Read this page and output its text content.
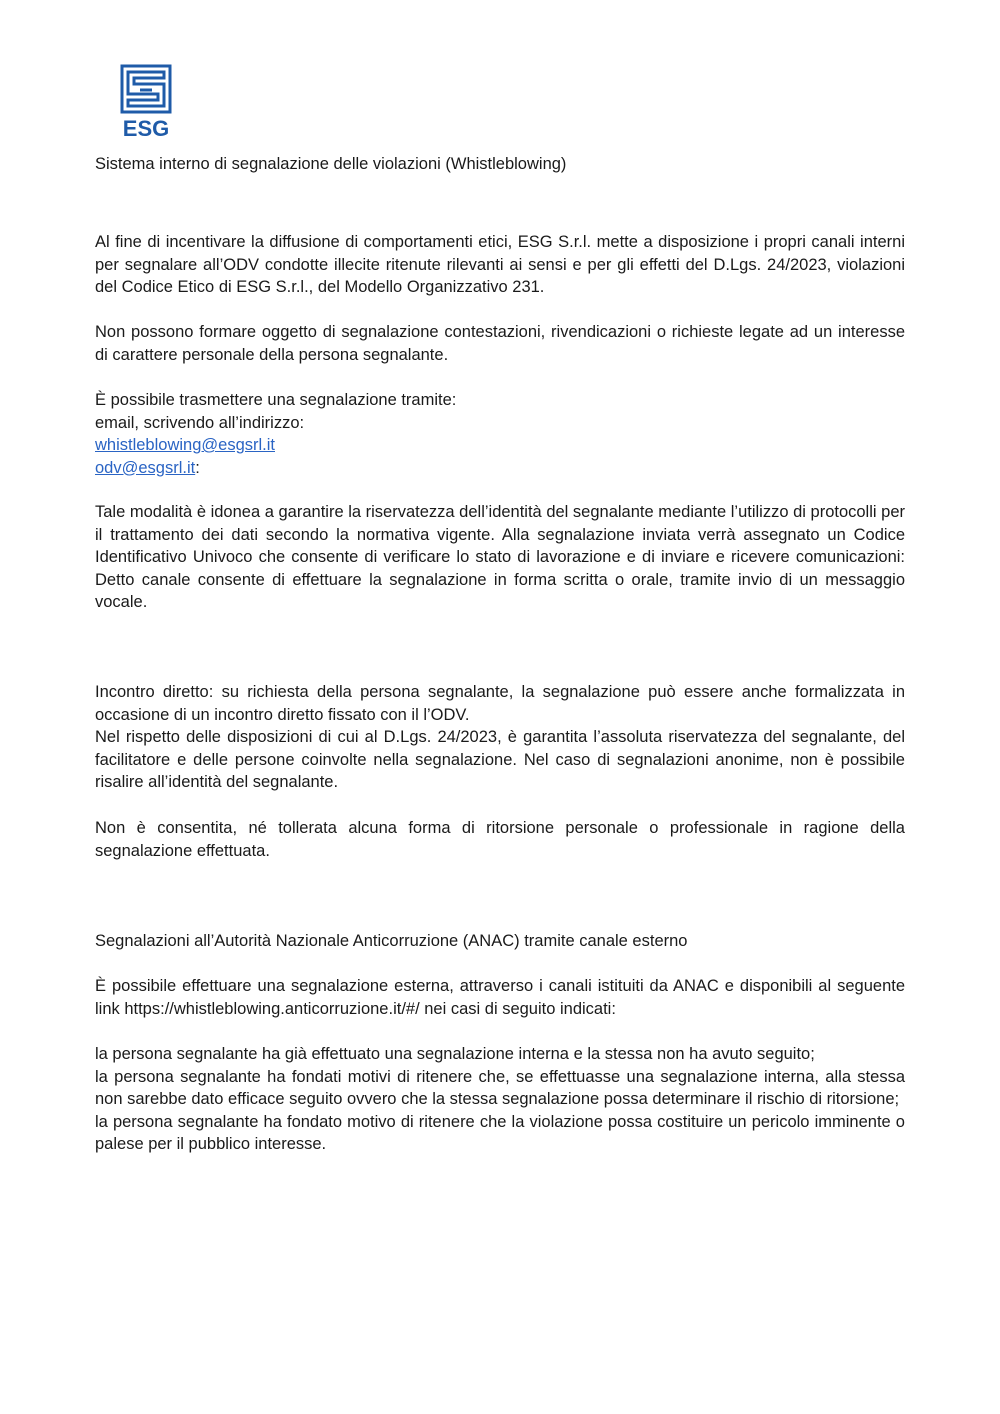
ESG
Sistema interno di segnalazione delle violazioni (Whistleblowing)

Al fine di incentivare la diffusione di comportamenti etici, ESG S.r.l. mette a disposizione i propri canali interni per segnalare all’ODV condotte illecite ritenute rilevanti ai sensi e per gli effetti del D.Lgs. 24/2023, violazioni del Codice Etico di ESG S.r.l., del Modello Organizzativo 231.

Non possono formare oggetto di segnalazione contestazioni, rivendicazioni o richieste legate ad un interesse di carattere personale della persona segnalante.

È possibile trasmettere una segnalazione tramite:

email, scrivendo all’indirizzo:

whistleblowing@esgsrl.it

odv@esgsrl.it:

Tale modalità è idonea a garantire la riservatezza dell’identità del segnalante mediante l’utilizzo di protocolli per il trattamento dei dati secondo la normativa vigente. Alla segnalazione inviata verrà assegnato un Codice Identificativo Univoco che consente di verificare lo stato di lavorazione e di inviare e ricevere comunicazioni: Detto canale consente di effettuare la segnalazione in forma scritta o orale, tramite invio di un messaggio vocale.

Incontro diretto: su richiesta della persona segnalante, la segnalazione può essere anche formalizzata in occasione di un incontro diretto fissato con il l’ODV.

Nel rispetto delle disposizioni di cui al D.Lgs. 24/2023, è garantita l’assoluta riservatezza del segnalante, del facilitatore e delle persone coinvolte nella segnalazione. Nel caso di segnalazioni anonime, non è possibile risalire all’identità del segnalante.

Non è consentita, né tollerata alcuna forma di ritorsione personale o professionale in ragione della segnalazione effettuata.

Segnalazioni all’Autorità Nazionale Anticorruzione (ANAC) tramite canale esterno

È possibile effettuare una segnalazione esterna, attraverso i canali istituiti da ANAC e disponibili al seguente link https://whistleblowing.anticorruzione.it/#/ nei casi di seguito indicati:

la persona segnalante ha già effettuato una segnalazione interna e la stessa non ha avuto seguito;

la persona segnalante ha fondati motivi di ritenere che, se effettuasse una segnalazione interna, alla stessa non sarebbe dato efficace seguito ovvero che la stessa segnalazione possa determinare il rischio di ritorsione;

la persona segnalante ha fondato motivo di ritenere che la violazione possa costituire un pericolo imminente o palese per il pubblico interesse.
